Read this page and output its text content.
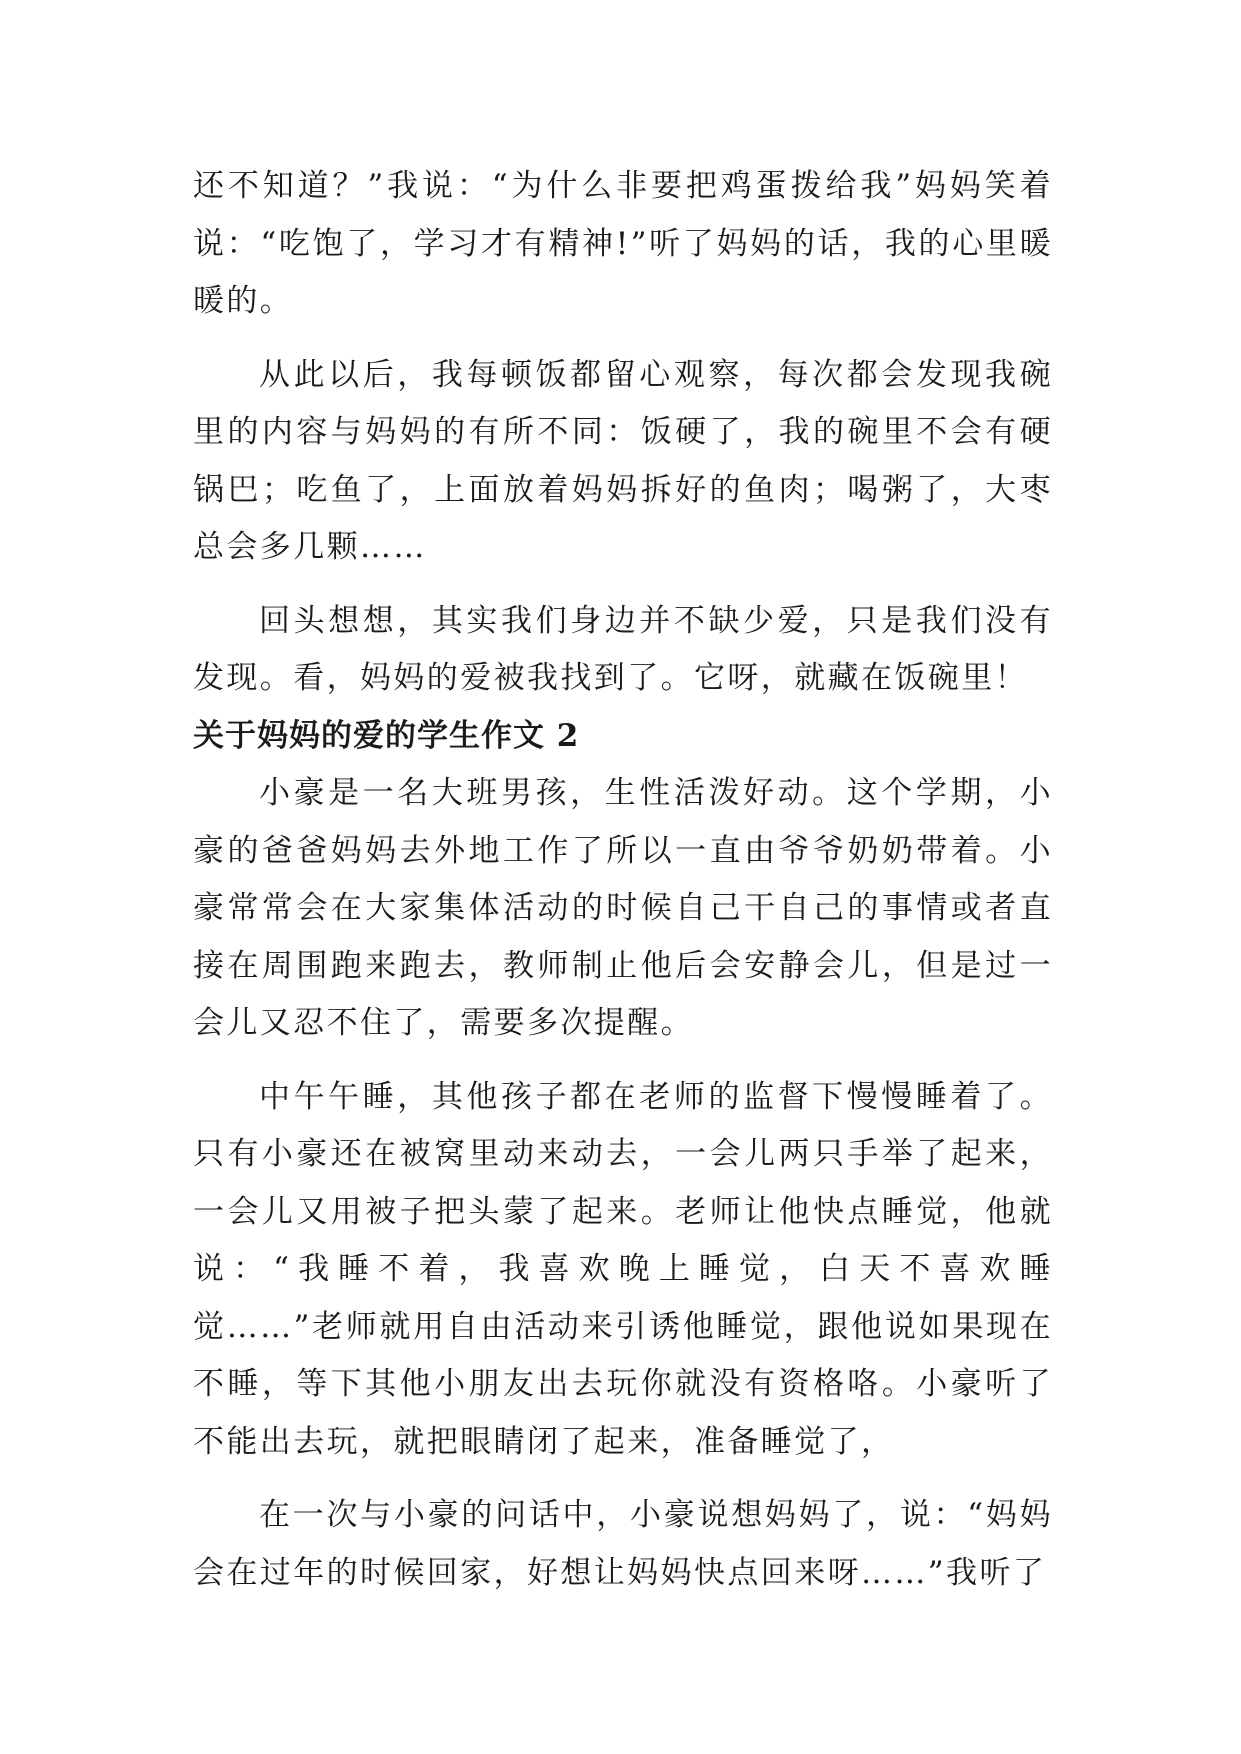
还不知道？”我说：“为什么非要把鸡蛋拨给我”妈妈笑着说：“吃饱了，学习才有精神!”听了妈妈的话，我的心里暖暖的。

从此以后，我每顿饭都留心观察，每次都会发现我碗里的内容与妈妈的有所不同：饭硬了，我的碗里不会有硬锅巴；吃鱼了，上面放着妈妈拆好的鱼肉；喝粥了，大枣总会多几颗……

回头想想，其实我们身边并不缺少爱，只是我们没有发现。看，妈妈的爱被我找到了。它呀，就藏在饭碗里！

关于妈妈的爱的学生作文 2

小豪是一名大班男孩，生性活泼好动。这个学期，小豪的爸爸妈妈去外地工作了所以一直由爷爷奶奶带着。小豪常常会在大家集体活动的时候自己干自己的事情或者直接在周围跑来跑去，教师制止他后会安静会儿，但是过一会儿又忍不住了，需要多次提醒。

中午午睡，其他孩子都在老师的监督下慢慢睡着了。只有小豪还在被窝里动来动去，一会儿两只手举了起来，一会儿又用被子把头蒙了起来。老师让他快点睡觉，他就说：“我睡不着，我喜欢晚上睡觉，白天不喜欢睡觉……”老师就用自由活动来引诱他睡觉，跟他说如果现在不睡，等下其他小朋友出去玩你就没有资格咯。小豪听了不能出去玩，就把眼睛闭了起来，准备睡觉了，

在一次与小豪的问话中，小豪说想妈妈了，说：“妈妈会在过年的时候回家，好想让妈妈快点回来呀……”我听了
